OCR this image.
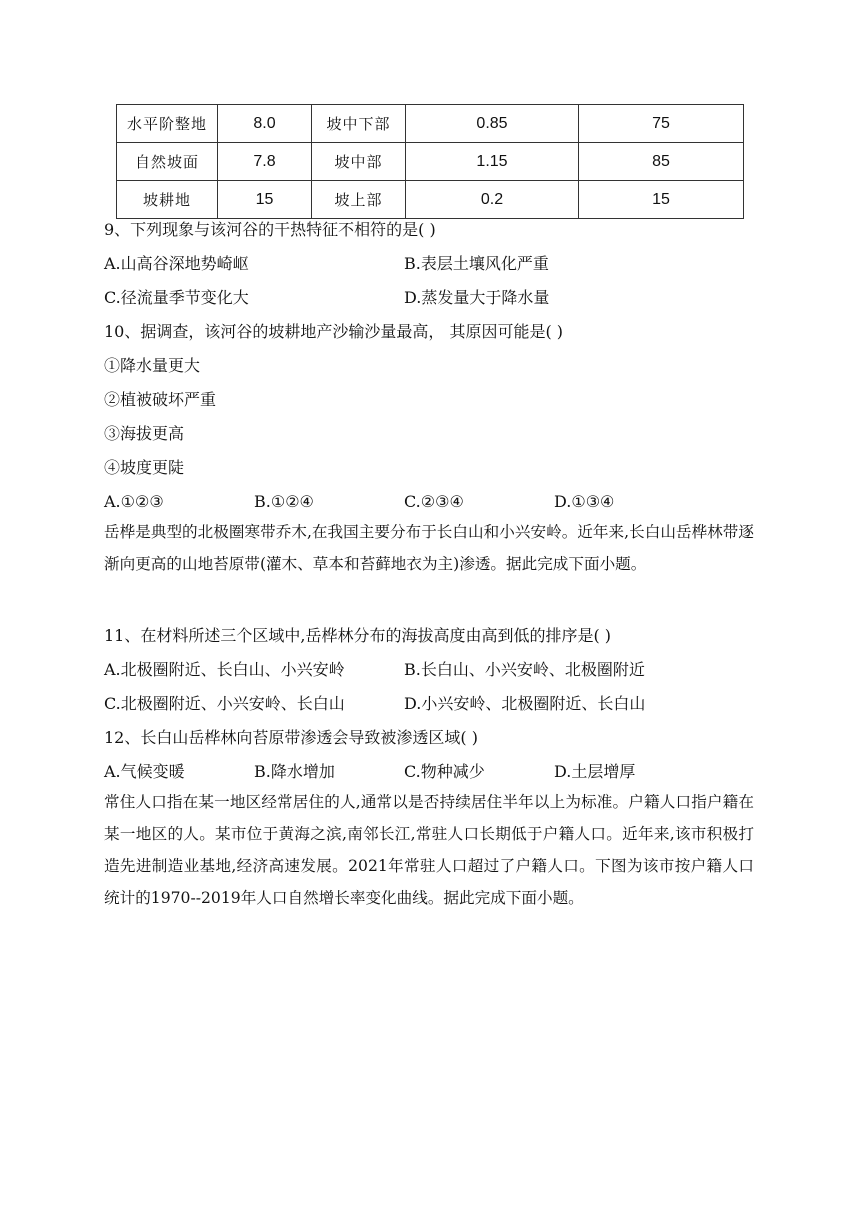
水平阶整地	8.0	坡中下部	0.85	75
自然坡面	7.8	坡中部	1.15	85
坡耕地	15	坡上部	0.2	15
9、下列现象与该河谷的干热特征不相符的是( )
A.山高谷深地势崎岖	B.表层土壤风化严重
C.径流量季节变化大	D.蒸发量大于降水量
10、据调查，该河谷的坡耕地产沙输沙量最高， 其原因可能是( )
①降水量更大
②植被破坏严重
③海拔更高
④坡度更陡
A.①②③	B.①②④	C.②③④	D.①③④
岳桦是典型的北极圈寒带乔木,在我国主要分布于长白山和小兴安岭。近年来,长白山岳桦林带逐渐向更高的山地苔原带(灌木、草本和苔藓地衣为主)渗透。据此完成下面小题。
11、在材料所述三个区域中,岳桦林分布的海拔高度由高到低的排序是( )
A.北极圈附近、长白山、小兴安岭	B.长白山、小兴安岭、北极圈附近
C.北极圈附近、小兴安岭、长白山	D.小兴安岭、北极圈附近、长白山
12、长白山岳桦林向苔原带渗透会导致被渗透区域( )
A.气候变暖	B.降水增加	C.物种减少	D.土层增厚
常住人口指在某一地区经常居住的人,通常以是否持续居住半年以上为标准。户籍人口指户籍在某一地区的人。某市位于黄海之滨,南邻长江,常驻人口长期低于户籍人口。近年来,该市积极打造先进制造业基地,经济高速发展。2021年常驻人口超过了户籍人口。下图为该市按户籍人口统计的1970--2019年人口自然增长率变化曲线。据此完成下面小题。
